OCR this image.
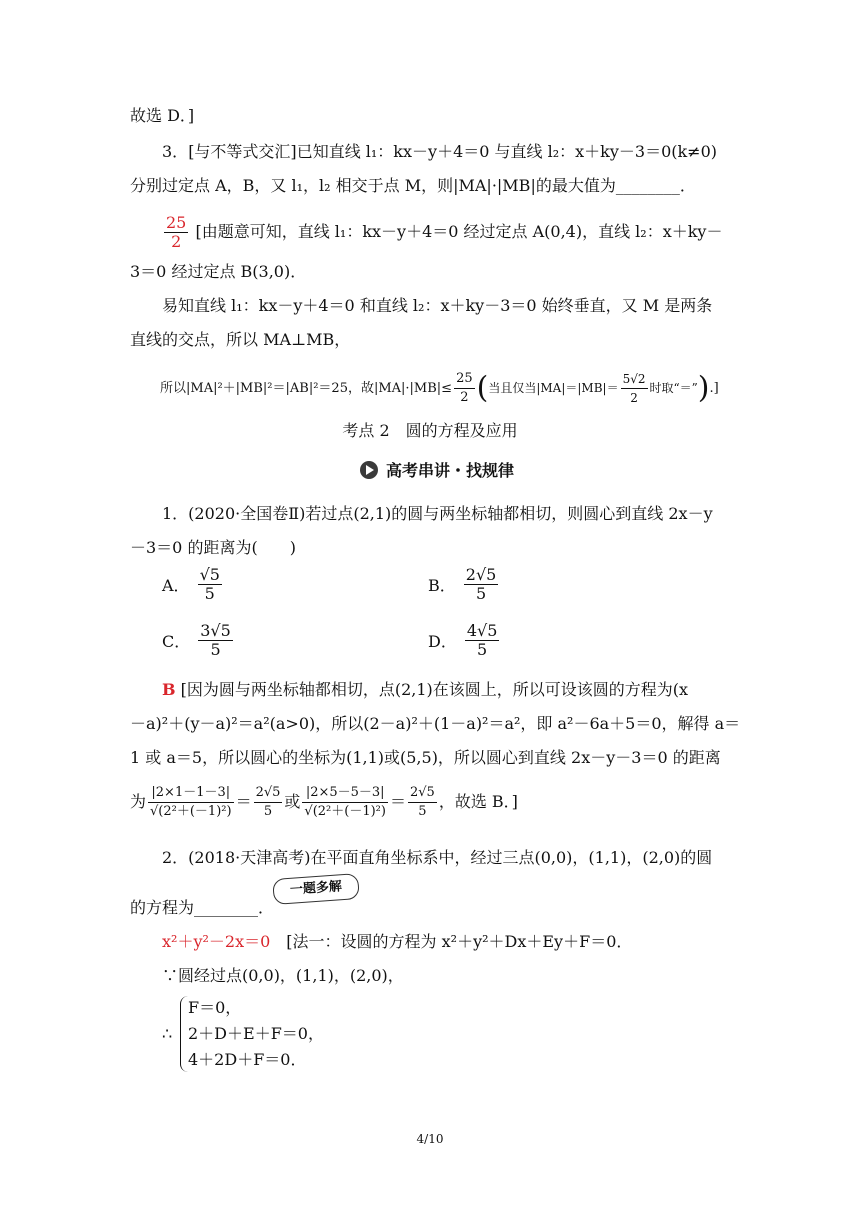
故选 D．]
3．[与不等式交汇]已知直线 l₁：kx－y＋4＝0 与直线 l₂：x＋ky－3＝0(k≠0)
分别过定点 A，B，又 l₁，l₂ 相交于点 M，则|MA|·|MB|的最大值为________．
$\frac{25}{2}$ [由题意可知，直线 l₁：kx－y＋4＝0 经过定点 A(0,4)，直线 l₂：x＋ky－
3＝0 经过定点 B(3,0)．
易知直线 l₁：kx－y＋4＝0 和直线 l₂：x＋ky－3＝0 始终垂直，又 M 是两条
直线的交点，所以 MA⊥MB，
所以|MA|²＋|MB|²＝|AB|²＝25，故$|MA|\cdot|MB|\le \frac{25}{2}$ (当且仅当$|MA|=|MB|= \frac{5√2}{2}$ 时取“＝”).]
考点 2　圆的方程及应用
高考串讲・找规律
1．(2020·全国卷Ⅱ)若过点(2,1)的圆与两坐标轴都相切，则圆心到直线 2x－y
－3＝0 的距离为(　　)
A． $\frac{√5}{5}$	B． $\frac{2√5}{5}$
C． $\frac{3√5}{5}$	D． $\frac{4√5}{5}$
B [因为圆与两坐标轴都相切，点(2,1)在该圆上，所以可设该圆的方程为(x
－a)²＋(y－a)²＝a²(a>0)，所以(2－a)²＋(1－a)²＝a²，即 a²－6a＋5＝0，解得 a＝
1 或 a＝5，所以圆心的坐标为(1,1)或(5,5)，所以圆心到直线 2x－y－3＝0 的距离
为 $\frac{|2\times 1-1-3|}{\text{√(2²＋(－1)²)}} = \frac{2√5}{5}$ 或 $\frac{|2\times 5-5-3|}{\text{√(2²＋(－1)²)}} = \frac{2√5}{5}$ ，故选 B．]
2．(2018·天津高考)在平面直角坐标系中，经过三点(0,0)，(1,1)，(2,0)的圆
的方程为________．
一题多解
x²＋y²－2x＝0　 [法一：设圆的方程为 x²＋y²＋Dx＋Ey＋F＝0．
∵圆经过点(0,0)，(1,1)，(2,0)，
∴
F＝0，
2＋D＋E＋F＝0，
4＋2D＋F＝0．
4/10
